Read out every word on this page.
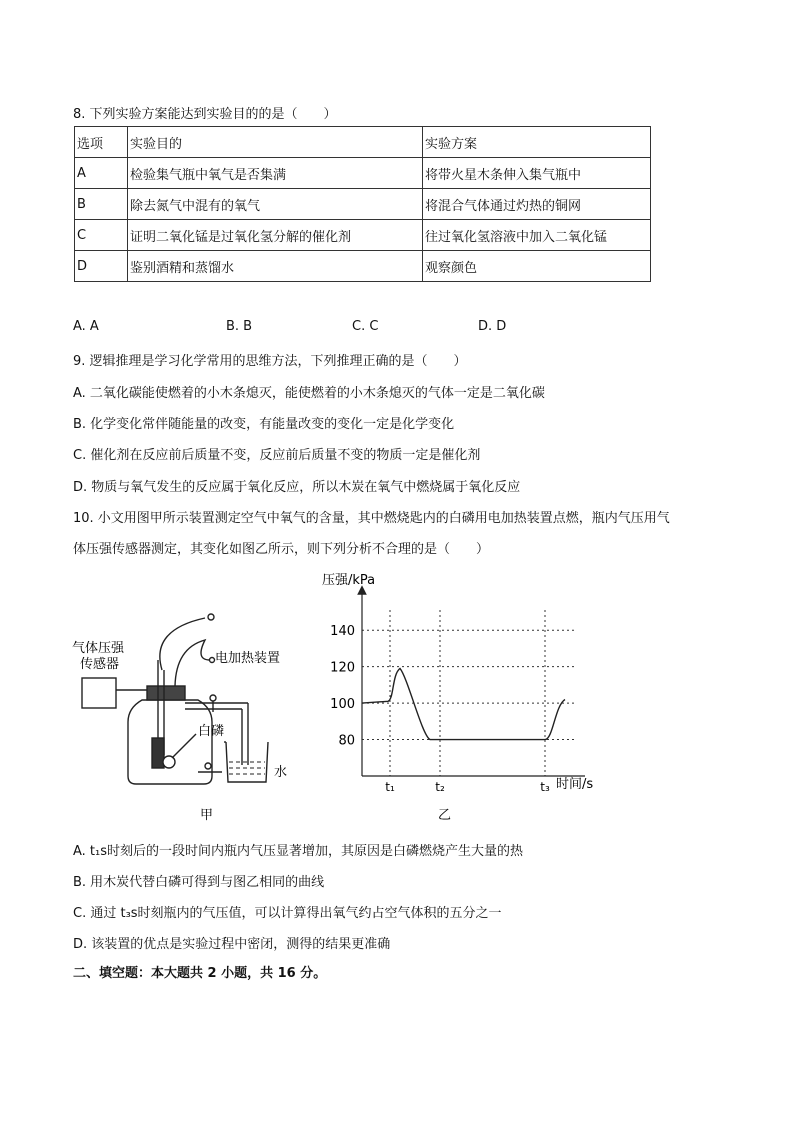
8. 下列实验方案能达到实验目的的是（　　）
选项	实验目的	实验方案
A	检验集气瓶中氧气是否集满	将带火星木条伸入集气瓶中
B	除去氮气中混有的氧气	将混合气体通过灼热的铜网
C	证明二氧化锰是过氧化氢分解的催化剂	往过氧化氢溶液中加入二氧化锰
D	鉴别酒精和蒸馏水	观察颜色
A. A	B. B	C. C	D. D
9. 逻辑推理是学习化学常用的思维方法，下列推理正确的是（　　）
A. 二氧化碳能使燃着的小木条熄灭，能使燃着的小木条熄灭的气体一定是二氧化碳
B. 化学变化常伴随能量的改变，有能量改变的变化一定是化学变化
C. 催化剂在反应前后质量不变，反应前后质量不变的物质一定是催化剂
D. 物质与氧气发生的反应属于氧化反应，所以木炭在氧气中燃烧属于氧化反应
10. 小文用图甲所示装置测定空气中氧气的含量，其中燃烧匙内的白磷用电加热装置点燃，瓶内气压用气
体压强传感器测定，其变化如图乙所示，则下列分析不合理的是（　　）
气体压强
传感器	电加热装置
白磷
水
甲
80
100
120
140
t₁	t₂	t₃
压强/kPa
时间/s
乙
A. t₁s时刻后的一段时间内瓶内气压显著增加，其原因是白磷燃烧产生大量的热
B. 用木炭代替白磷可得到与图乙相同的曲线
C. 通过 t₃s时刻瓶内的气压值，可以计算得出氧气约占空气体积的五分之一
D. 该装置的优点是实验过程中密闭，测得的结果更准确
二、填空题：本大题共 2 小题，共 16 分。
